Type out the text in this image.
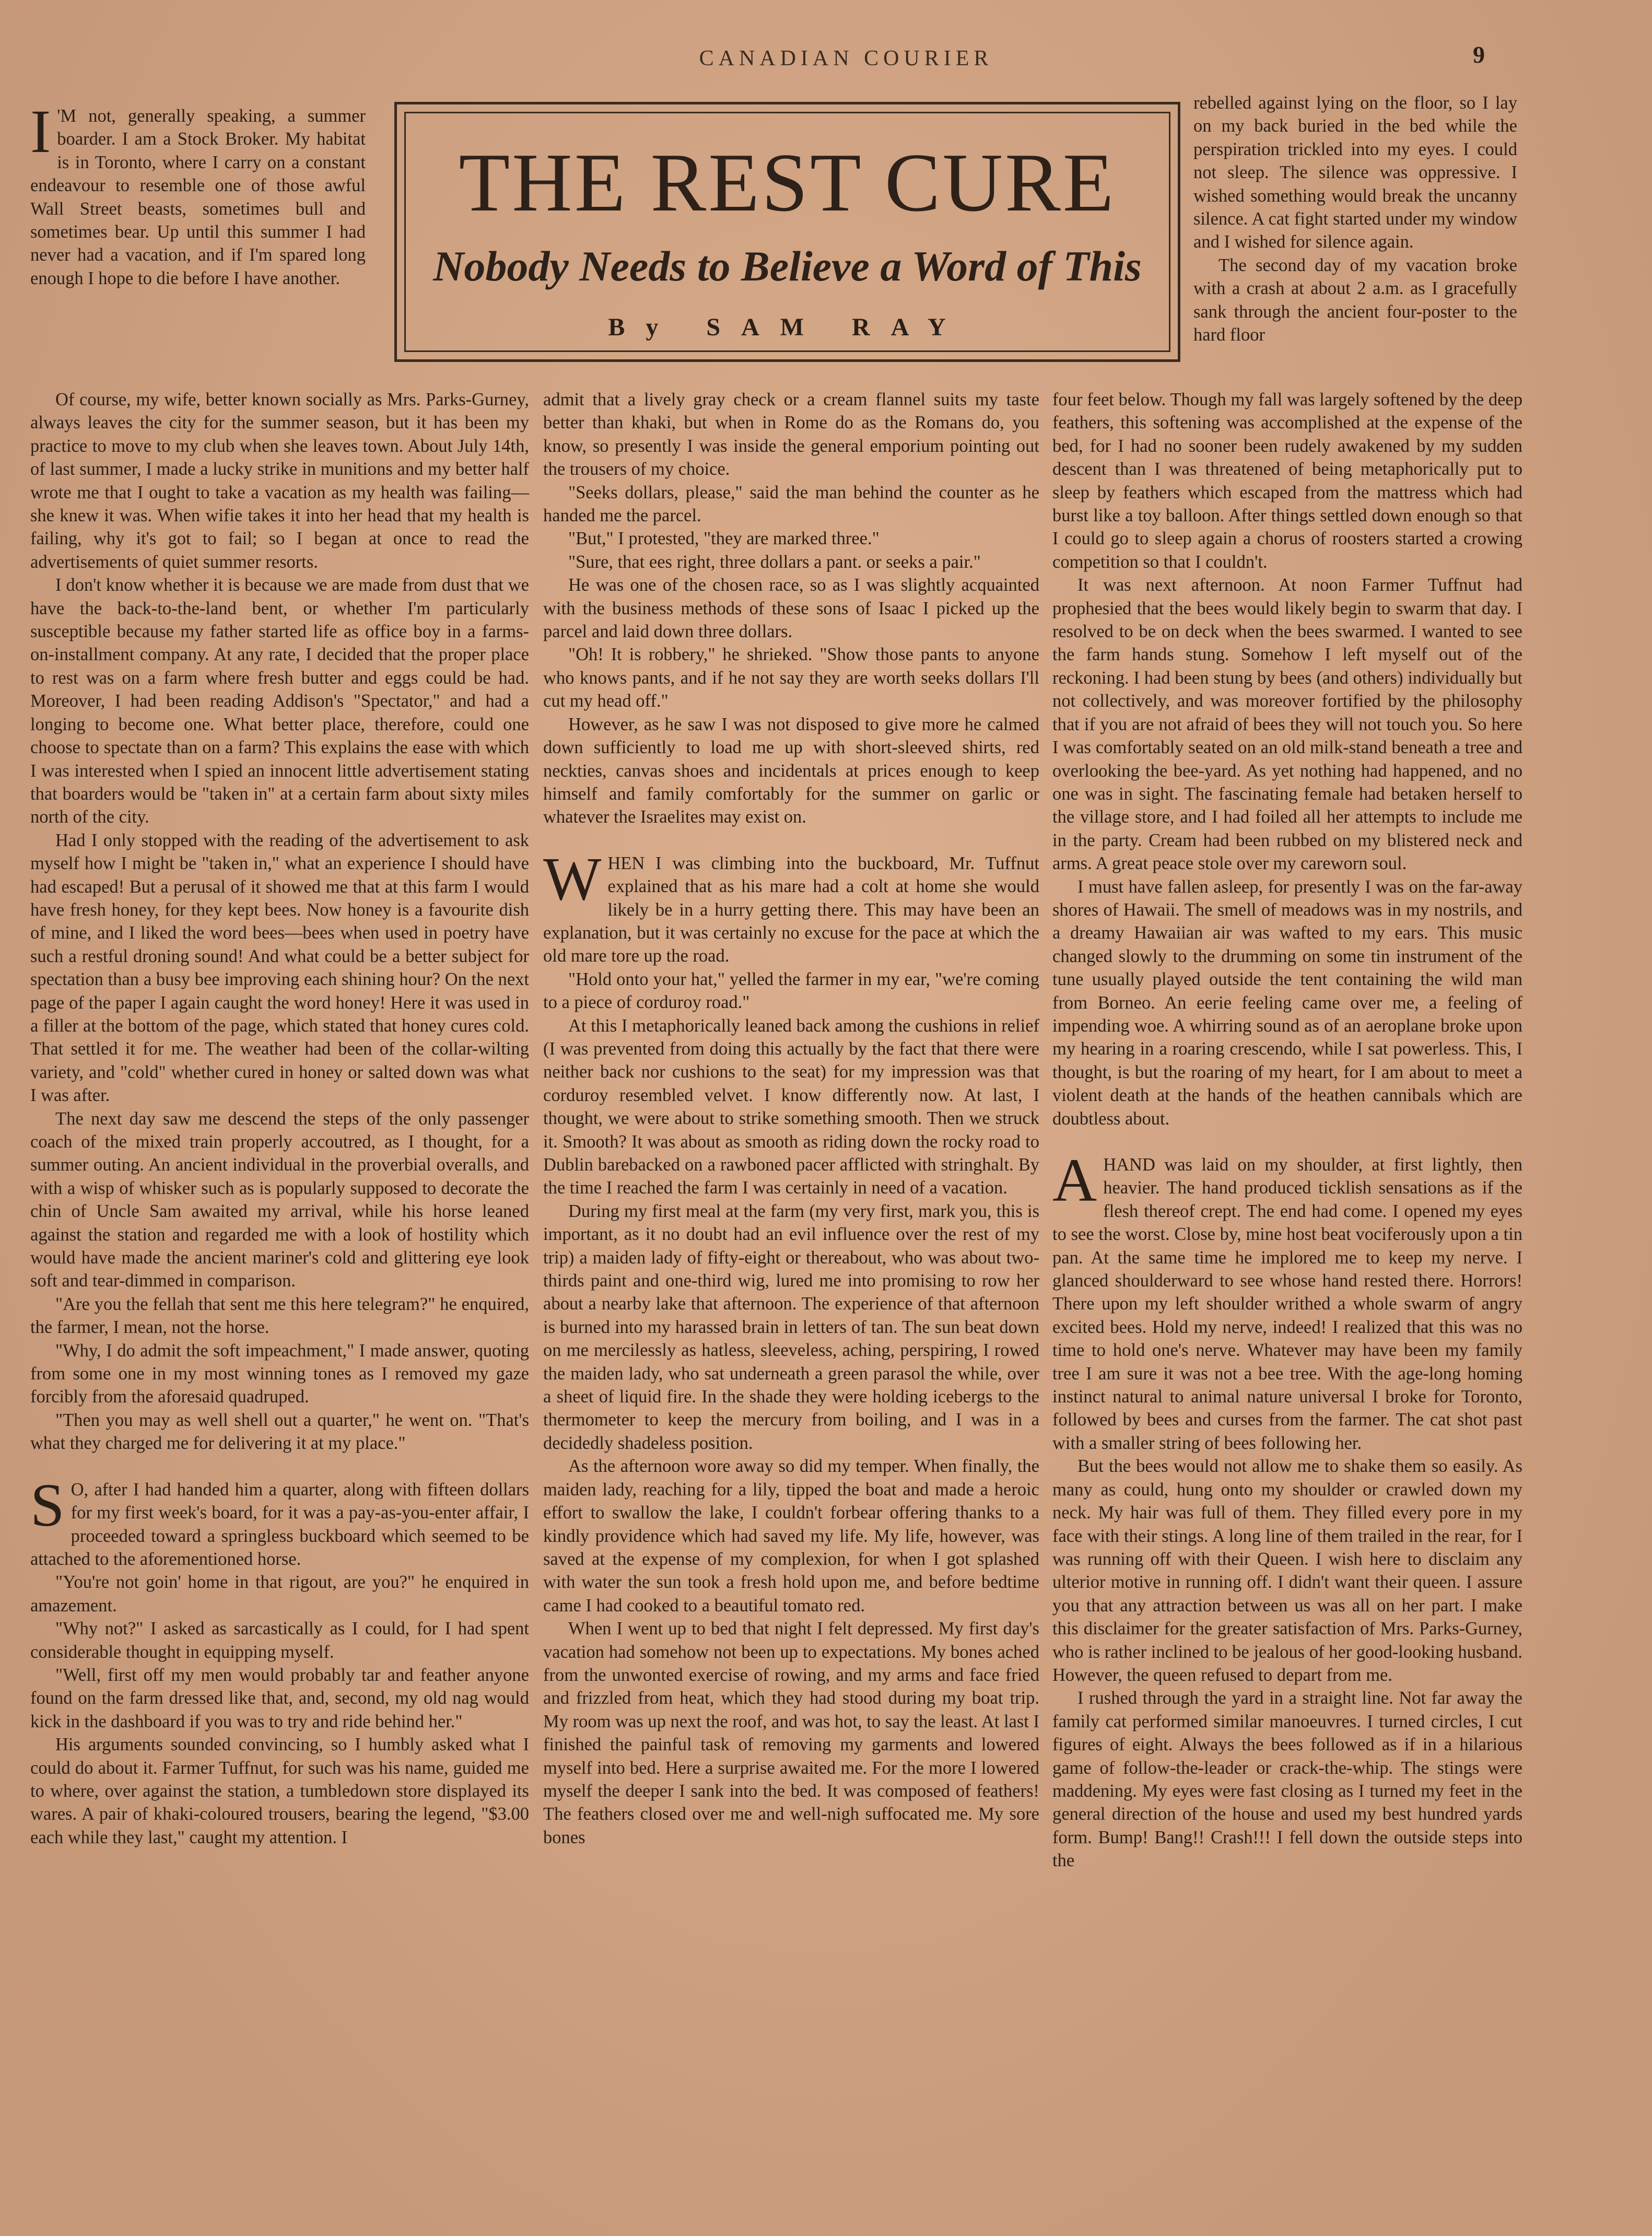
CANADIAN COURIER	9
THE REST CURE
Nobody Needs to Believe a Word of This
By SAM RAY

I 'M not, generally speaking, a summer boarder. I am a Stock Broker. My habitat is in Toronto, where I carry on a constant endeavour to resemble one of those awful Wall Street beasts, sometimes bull and sometimes bear. Up until this summer I had never had a vacation, and if I'm spared long enough I hope to die before I have another.

Of course, my wife, better known socially as Mrs. Parks-Gurney, always leaves the city for the summer season, but it has been my practice to move to my club when she leaves town. About July 14th, of last summer, I made a lucky strike in munitions and my better half wrote me that I ought to take a vacation as my health was failing—she knew it was. When wifie takes it into her head that my health is failing, why it's got to fail; so I began at once to read the advertisements of quiet summer resorts.

I don't know whether it is because we are made from dust that we have the back-to-the-land bent, or whether I'm particularly susceptible because my father started life as office boy in a farms-on-installment company. At any rate, I decided that the proper place to rest was on a farm where fresh butter and eggs could be had. Moreover, I had been reading Addison's "Spectator," and had a longing to become one. What better place, therefore, could one choose to spectate than on a farm? This explains the ease with which I was interested when I spied an innocent little advertisement stating that boarders would be "taken in" at a certain farm about sixty miles north of the city.

Had I only stopped with the reading of the advertisement to ask myself how I might be "taken in," what an experience I should have had escaped! But a perusal of it showed me that at this farm I would have fresh honey, for they kept bees. Now honey is a favourite dish of mine, and I liked the word bees—bees when used in poetry have such a restful droning sound! And what could be a better subject for spectation than a busy bee improving each shining hour? On the next page of the paper I again caught the word honey! Here it was used in a filler at the bottom of the page, which stated that honey cures cold. That settled it for me. The weather had been of the collar-wilting variety, and "cold" whether cured in honey or salted down was what I was after.

The next day saw me descend the steps of the only passenger coach of the mixed train properly accoutred, as I thought, for a summer outing. An ancient individual in the proverbial overalls, and with a wisp of whisker such as is popularly supposed to decorate the chin of Uncle Sam awaited my arrival, while his horse leaned against the station and regarded me with a look of hostility which would have made the ancient mariner's cold and glittering eye look soft and tear-dimmed in comparison.

"Are you the fellah that sent me this here telegram?" he enquired, the farmer, I mean, not the horse.

"Why, I do admit the soft impeachment," I made answer, quoting from some one in my most winning tones as I removed my gaze forcibly from the aforesaid quadruped.

"Then you may as well shell out a quarter," he went on. "That's what they charged me for delivering it at my place."

S O, after I had handed him a quarter, along with fifteen dollars for my first week's board, for it was a pay-as-you-enter affair, I proceeded toward a springless buckboard which seemed to be attached to the aforementioned horse.

"You're not goin' home in that rigout, are you?" he enquired in amazement.

"Why not?" I asked as sarcastically as I could, for I had spent considerable thought in equipping myself.

"Well, first off my men would probably tar and feather anyone found on the farm dressed like that, and, second, my old nag would kick in the dashboard if you was to try and ride behind her."

His arguments sounded convincing, so I humbly asked what I could do about it. Farmer Tuffnut, for such was his name, guided me to where, over against the station, a tumbledown store displayed its wares. A pair of khaki-coloured trousers, bearing the legend, "$3.00 each while they last," caught my attention. I

admit that a lively gray check or a cream flannel suits my taste better than khaki, but when in Rome do as the Romans do, you know, so presently I was inside the general emporium pointing out the trousers of my choice.

"Seeks dollars, please," said the man behind the counter as he handed me the parcel.

"But," I protested, "they are marked three."

"Sure, that ees right, three dollars a pant. or seeks a pair."

He was one of the chosen race, so as I was slightly acquainted with the business methods of these sons of Isaac I picked up the parcel and laid down three dollars.

"Oh! It is robbery," he shrieked. "Show those pants to anyone who knows pants, and if he not say they are worth seeks dollars I'll cut my head off."

However, as he saw I was not disposed to give more he calmed down sufficiently to load me up with short-sleeved shirts, red neckties, canvas shoes and incidentals at prices enough to keep himself and family comfortably for the summer on garlic or whatever the Israelites may exist on.

WHEN I was climbing into the buckboard, Mr. Tuffnut explained that as his mare had a colt at home she would likely be in a hurry getting there. This may have been an explanation, but it was certainly no excuse for the pace at which the old mare tore up the road.

"Hold onto your hat," yelled the farmer in my ear, "we're coming to a piece of corduroy road."

At this I metaphorically leaned back among the cushions in relief (I was prevented from doing this actually by the fact that there were neither back nor cushions to the seat) for my impression was that corduroy resembled velvet. I know differently now. At last, I thought, we were about to strike something smooth. Then we struck it. Smooth? It was about as smooth as riding down the rocky road to Dublin barebacked on a rawboned pacer afflicted with stringhalt. By the time I reached the farm I was certainly in need of a vacation.

During my first meal at the farm (my very first, mark you, this is important, as it no doubt had an evil influence over the rest of my trip) a maiden lady of fifty-eight or thereabout, who was about two-thirds paint and one-third wig, lured me into promising to row her about a nearby lake that afternoon. The experience of that afternoon is burned into my harassed brain in letters of tan. The sun beat down on me mercilessly as hatless, sleeveless, aching, perspiring, I rowed the maiden lady, who sat underneath a green parasol the while, over a sheet of liquid fire. In the shade they were holding icebergs to the thermometer to keep the mercury from boiling, and I was in a decidedly shadeless position.

As the afternoon wore away so did my temper. When finally, the maiden lady, reaching for a lily, tipped the boat and made a heroic effort to swallow the lake, I couldn't forbear offering thanks to a kindly providence which had saved my life. My life, however, was saved at the expense of my complexion, for when I got splashed with water the sun took a fresh hold upon me, and before bedtime came I had cooked to a beautiful tomato red.

When I went up to bed that night I felt depressed. My first day's vacation had somehow not been up to expectations. My bones ached from the unwonted exercise of rowing, and my arms and face fried and frizzled from heat, which they had stood during my boat trip. My room was up next the roof, and was hot, to say the least. At last I finished the painful task of removing my garments and lowered myself into bed. Here a surprise awaited me. For the more I lowered myself the deeper I sank into the bed. It was composed of feathers! The feathers closed over me and well-nigh suffocated me. My sore bones

rebelled against lying on the floor, so I lay on my back buried in the bed while the perspiration trickled into my eyes. I could not sleep. The silence was oppressive. I wished something would break the uncanny silence. A cat fight started under my window and I wished for silence again.

The second day of my vacation broke with a crash at about 2 a.m. as I gracefully sank through the ancient four-poster to the hard floor

four feet below. Though my fall was largely softened by the deep feathers, this softening was accomplished at the expense of the bed, for I had no sooner been rudely awakened by my sudden descent than I was threatened of being metaphorically put to sleep by feathers which escaped from the mattress which had burst like a toy balloon. After things settled down enough so that I could go to sleep again a chorus of roosters started a crowing competition so that I couldn't.

It was next afternoon. At noon Farmer Tuffnut had prophesied that the bees would likely begin to swarm that day. I resolved to be on deck when the bees swarmed. I wanted to see the farm hands stung. Somehow I left myself out of the reckoning. I had been stung by bees (and others) individually but not collectively, and was moreover fortified by the philosophy that if you are not afraid of bees they will not touch you. So here I was comfortably seated on an old milk-stand beneath a tree and overlooking the bee-yard. As yet nothing had happened, and no one was in sight. The fascinating female had betaken herself to the village store, and I had foiled all her attempts to include me in the party. Cream had been rubbed on my blistered neck and arms. A great peace stole over my careworn soul.

I must have fallen asleep, for presently I was on the far-away shores of Hawaii. The smell of meadows was in my nostrils, and a dreamy Hawaiian air was wafted to my ears. This music changed slowly to the drumming on some tin instrument of the tune usually played outside the tent containing the wild man from Borneo. An eerie feeling came over me, a feeling of impending woe. A whirring sound as of an aeroplane broke upon my hearing in a roaring crescendo, while I sat powerless. This, I thought, is but the roaring of my heart, for I am about to meet a violent death at the hands of the heathen cannibals which are doubtless about.

AHAND was laid on my shoulder, at first lightly, then heavier. The hand produced ticklish sensations as if the flesh thereof crept. The end had come. I opened my eyes to see the worst. Close by, mine host beat vociferously upon a tin pan. At the same time he implored me to keep my nerve. I glanced shoulderward to see whose hand rested there. Horrors! There upon my left shoulder writhed a whole swarm of angry excited bees. Hold my nerve, indeed! I realized that this was no time to hold one's nerve. Whatever may have been my family tree I am sure it was not a bee tree. With the age-long homing instinct natural to animal nature universal I broke for Toronto, followed by bees and curses from the farmer. The cat shot past with a smaller string of bees following her.

But the bees would not allow me to shake them so easily. As many as could, hung onto my shoulder or crawled down my neck. My hair was full of them. They filled every pore in my face with their stings. A long line of them trailed in the rear, for I was running off with their Queen. I wish here to disclaim any ulterior motive in running off. I didn't want their queen. I assure you that any attraction between us was all on her part. I make this disclaimer for the greater satisfaction of Mrs. Parks-Gurney, who is rather inclined to be jealous of her good-looking husband. However, the queen refused to depart from me.

I rushed through the yard in a straight line. Not far away the family cat performed similar manoeuvres. I turned circles, I cut figures of eight. Always the bees followed as if in a hilarious game of follow-the-leader or crack-the-whip. The stings were maddening. My eyes were fast closing as I turned my feet in the general direction of the house and used my best hundred yards form. Bump! Bang!! Crash!!! I fell down the outside steps into the
